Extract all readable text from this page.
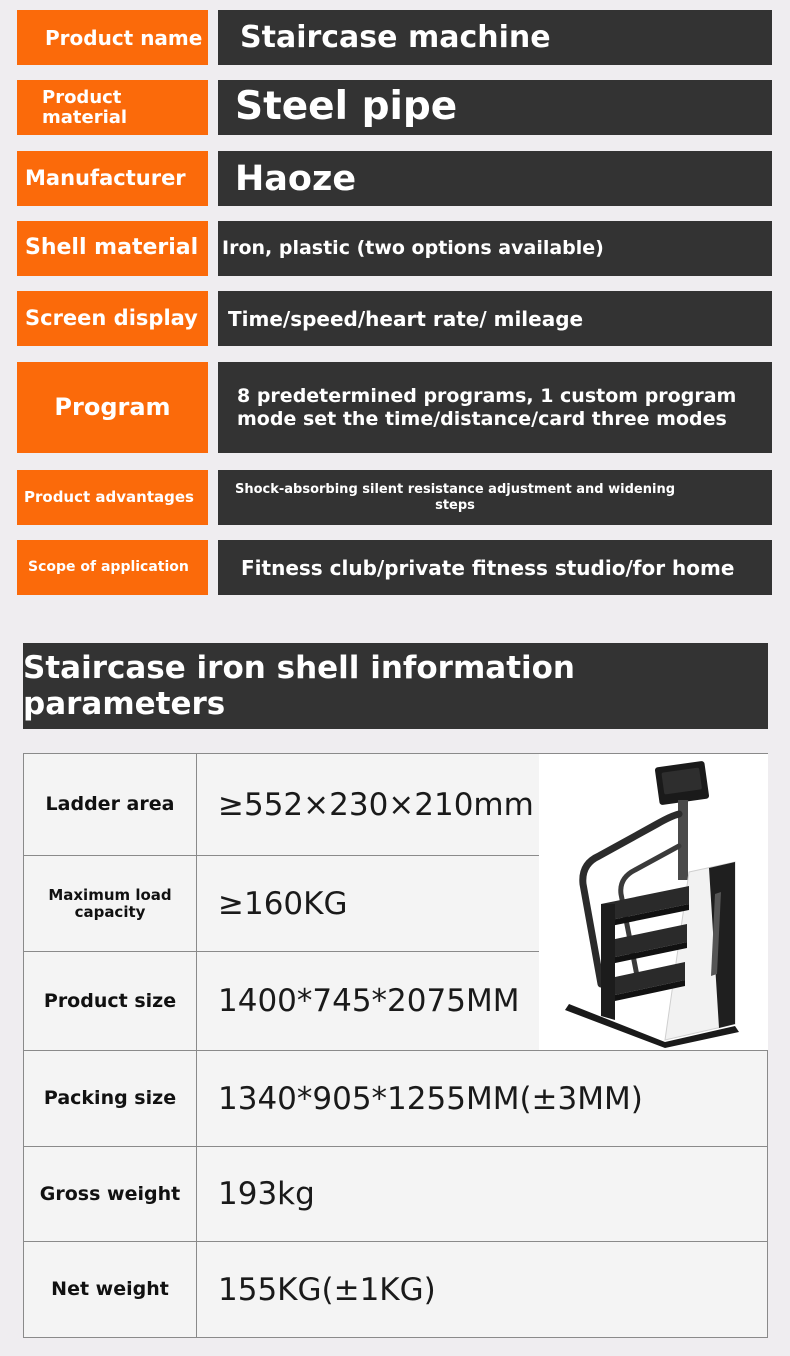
Product name	Staircase machine
Product material	Steel pipe
Manufacturer	Haoze
Shell material	Iron, plastic (two options available)
Screen display	Time/speed/heart rate/ mileage
Program	8 predetermined programs, 1 custom program mode set the time/distance/card three modes
Product advantages	Shock-absorbing silent resistance adjustment and widening steps
Scope of application	Fitness club/private fitness studio/for home
Staircase iron shell information parameters
Ladder area	≥552×230×210mm
Maximum load capacity	≥160KG
Product size	1400*745*2075MM
Packing size	1340*905*1255MM(±3MM)
Gross weight	193kg
Net weight	155KG(±1KG)
